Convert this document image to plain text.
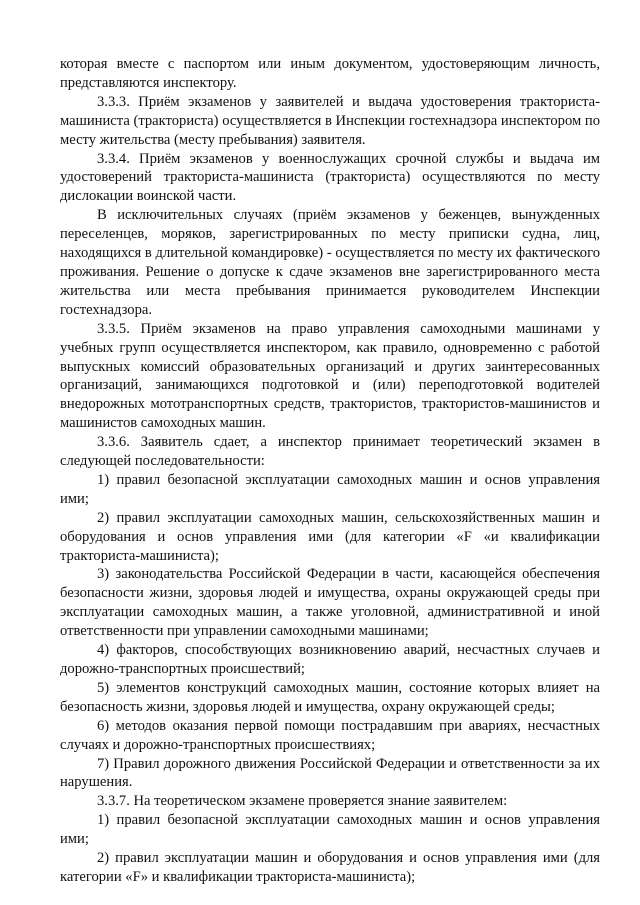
которая вместе с паспортом или иным документом, удостоверяющим личность, представляются инспектору.

3.3.3. Приём экзаменов у заявителей и выдача удостоверения тракториста-машиниста (тракториста) осуществляется в Инспекции гостехнадзора инспектором по месту жительства (месту пребывания) заявителя.

3.3.4. Приём экзаменов у военнослужащих срочной службы и выдача им удостоверений тракториста-машиниста (тракториста) осуществляются по месту дислокации воинской части.

В исключительных случаях (приём экзаменов у беженцев, вынужденных переселенцев, моряков, зарегистрированных по месту приписки судна, лиц, находящихся в длительной командировке) - осуществляется по месту их фактического проживания. Решение о допуске к сдаче экзаменов вне зарегистрированного места жительства или места пребывания принимается руководителем Инспекции гостехнадзора.

3.3.5. Приём экзаменов на право управления самоходными машинами у учебных групп осуществляется инспектором, как правило, одновременно с работой выпускных комиссий образовательных организаций и других заинтересованных организаций, занимающихся подготовкой и (или) переподготовкой водителей внедорожных мототранспортных средств, трактористов, трактористов-машинистов и машинистов самоходных машин.

3.3.6. Заявитель сдает, а инспектор принимает теоретический экзамен в следующей последовательности:

1) правил безопасной эксплуатации самоходных машин и основ управления ими;

2) правил эксплуатации самоходных машин, сельскохозяйственных машин и оборудования и основ управления ими (для категории «F «и квалификации тракториста-машиниста);

3) законодательства Российской Федерации в части, касающейся обеспечения безопасности жизни, здоровья людей и имущества, охраны окружающей среды при эксплуатации самоходных машин, а также уголовной, административной и иной ответственности при управлении самоходными машинами;

4) факторов, способствующих возникновению аварий, несчастных случаев и дорожно-транспортных происшествий;

5) элементов конструкций самоходных машин, состояние которых влияет на безопасность жизни, здоровья людей и имущества, охрану окружающей среды;

6) методов оказания первой помощи пострадавшим при авариях, несчастных случаях и дорожно-транспортных происшествиях;

7) Правил дорожного движения Российской Федерации и ответственности за их нарушения.

3.3.7. На теоретическом экзамене проверяется знание заявителем:

1) правил безопасной эксплуатации самоходных машин и основ управления ими;

2) правил эксплуатации машин и оборудования и основ управления ими (для категории «F» и квалификации тракториста-машиниста);
